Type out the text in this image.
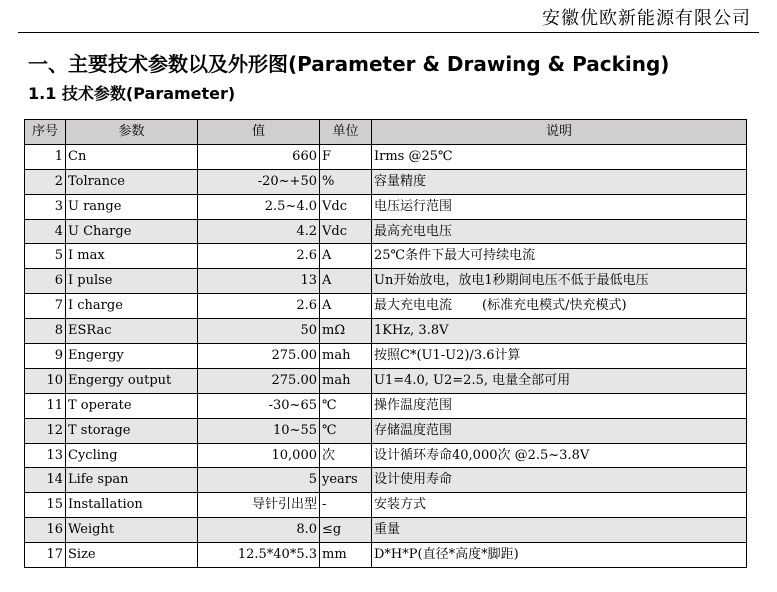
安徽优欧新能源有限公司
一、主要技术参数以及外形图(Parameter & Drawing & Packing)
1.1 技术参数(Parameter)
序号	参数	值	单位	说明
1	Cn	660	F	Irms @25℃
2	Tolrance	-20~+50	%	容量精度
3	U range	2.5~4.0	Vdc	电压运行范围
4	U Charge	4.2	Vdc	最高充电电压
5	I max	2.6	A	25℃条件下最大可持续电流
6	I pulse	13	A	Un开始放电，放电1秒期间电压不低于最低电压
7	I charge	2.6	A	最大充电电流 (标准充电模式/快充模式)
8	ESRac	50	mΩ	1KHz, 3.8V
9	Engergy	275.00	mah	按照C*(U1-U2)/3.6计算
10	Engergy output	275.00	mah	U1=4.0, U2=2.5, 电量全部可用
11	T operate	-30~65	℃	操作温度范围
12	T storage	10~55	℃	存储温度范围
13	Cycling	10,000	次	设计循环寿命40,000次 @2.5~3.8V
14	Life span	5	years	设计使用寿命
15	Installation	导针引出型	-	安装方式
16	Weight	8.0	≤g	重量
17	Size	12.5*40*5.3	mm	D*H*P(直径*高度*脚距)
